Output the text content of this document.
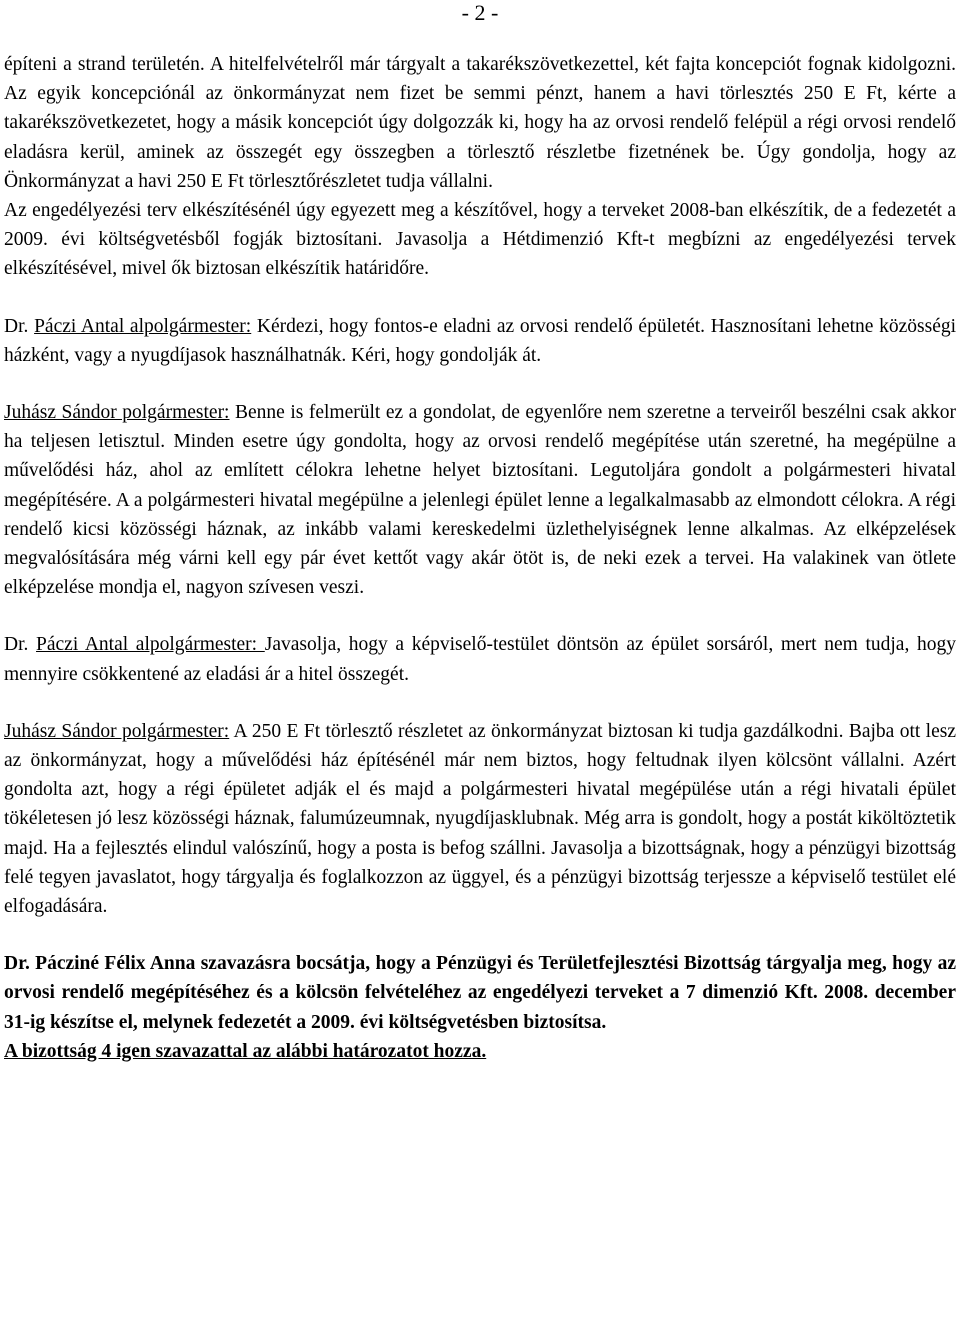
- 2 -

építeni a strand területén. A hitelfelvételről már tárgyalt a takarékszövetkezettel, két fajta koncepciót fognak kidolgozni. Az egyik koncepciónál az önkormányzat nem fizet be semmi pénzt, hanem a havi törlesztés 250 E Ft, kérte a takarékszövetkezetet, hogy a másik koncepciót úgy dolgozzák ki, hogy ha az orvosi rendelő felépül a régi orvosi rendelő eladásra kerül, aminek az összegét egy összegben a törlesztő részletbe fizetnének be. Úgy gondolja, hogy az Önkormányzat a havi 250 E Ft törlesztőrészletet tudja vállalni.

Az engedélyezési terv elkészítésénél úgy egyezett meg a készítővel, hogy a terveket 2008-ban elkészítik, de a fedezetét a 2009. évi költségvetésből fogják biztosítani. Javasolja a Hétdimenzió Kft-t megbízni az engedélyezési tervek elkészítésével, mivel ők biztosan elkészítik határidőre.

Dr. Páczi Antal alpolgármester: Kérdezi, hogy fontos-e eladni az orvosi rendelő épületét. Hasznosítani lehetne közösségi házként, vagy a nyugdíjasok használhatnák. Kéri, hogy gondolják át.

Juhász Sándor polgármester: Benne is felmerült ez a gondolat, de egyenlőre nem szeretne a terveiről beszélni csak akkor ha teljesen letisztul. Minden esetre úgy gondolta, hogy az orvosi rendelő megépítése után szeretné, ha megépülne a művelődési ház, ahol az említett célokra lehetne helyet biztosítani. Legutoljára gondolt a polgármesteri hivatal megépítésére. A a polgármesteri hivatal megépülne a jelenlegi épület lenne a legalkalmasabb az elmondott célokra. A régi rendelő kicsi közösségi háznak, az inkább valami kereskedelmi üzlethelyiségnek lenne alkalmas. Az elképzelések megvalósítására még várni kell egy pár évet kettőt vagy akár ötöt is, de neki ezek a tervei. Ha valakinek van ötlete elképzelése mondja el, nagyon szívesen veszi.

Dr. Páczi Antal alpolgármester: Javasolja, hogy a képviselő-testület döntsön az épület sorsáról, mert nem tudja, hogy mennyire csökkentené az eladási ár a hitel összegét.

Juhász Sándor polgármester: A 250 E Ft törlesztő részletet az önkormányzat biztosan ki tudja gazdálkodni. Bajba ott lesz az önkormányzat, hogy a művelődési ház építésénél már nem biztos, hogy feltudnak ilyen kölcsönt vállalni. Azért gondolta azt, hogy a régi épületet adják el és majd a polgármesteri hivatal megépülése után a régi hivatali épület tökéletesen jó lesz közösségi háznak, falumúzeumnak, nyugdíjasklubnak. Még arra is gondolt, hogy a postát kiköltöztetik majd. Ha a fejlesztés elindul valószínű, hogy a posta is befog szállni. Javasolja a bizottságnak, hogy a pénzügyi bizottság felé tegyen javaslatot, hogy tárgyalja és foglalkozzon az üggyel, és a pénzügyi bizottság terjessze a képviselő testület elé elfogadására.

Dr. Pácziné Félix Anna szavazásra bocsátja, hogy a Pénzügyi és Területfejlesztési Bizottság tárgyalja meg, hogy az orvosi rendelő megépítéséhez és a kölcsön felvételéhez az engedélyezi terveket a 7 dimenzió Kft. 2008. december 31-ig készítse el, melynek fedezetét a 2009. évi költségvetésben biztosítsa.

A bizottság 4 igen szavazattal az alábbi határozatot hozza.
